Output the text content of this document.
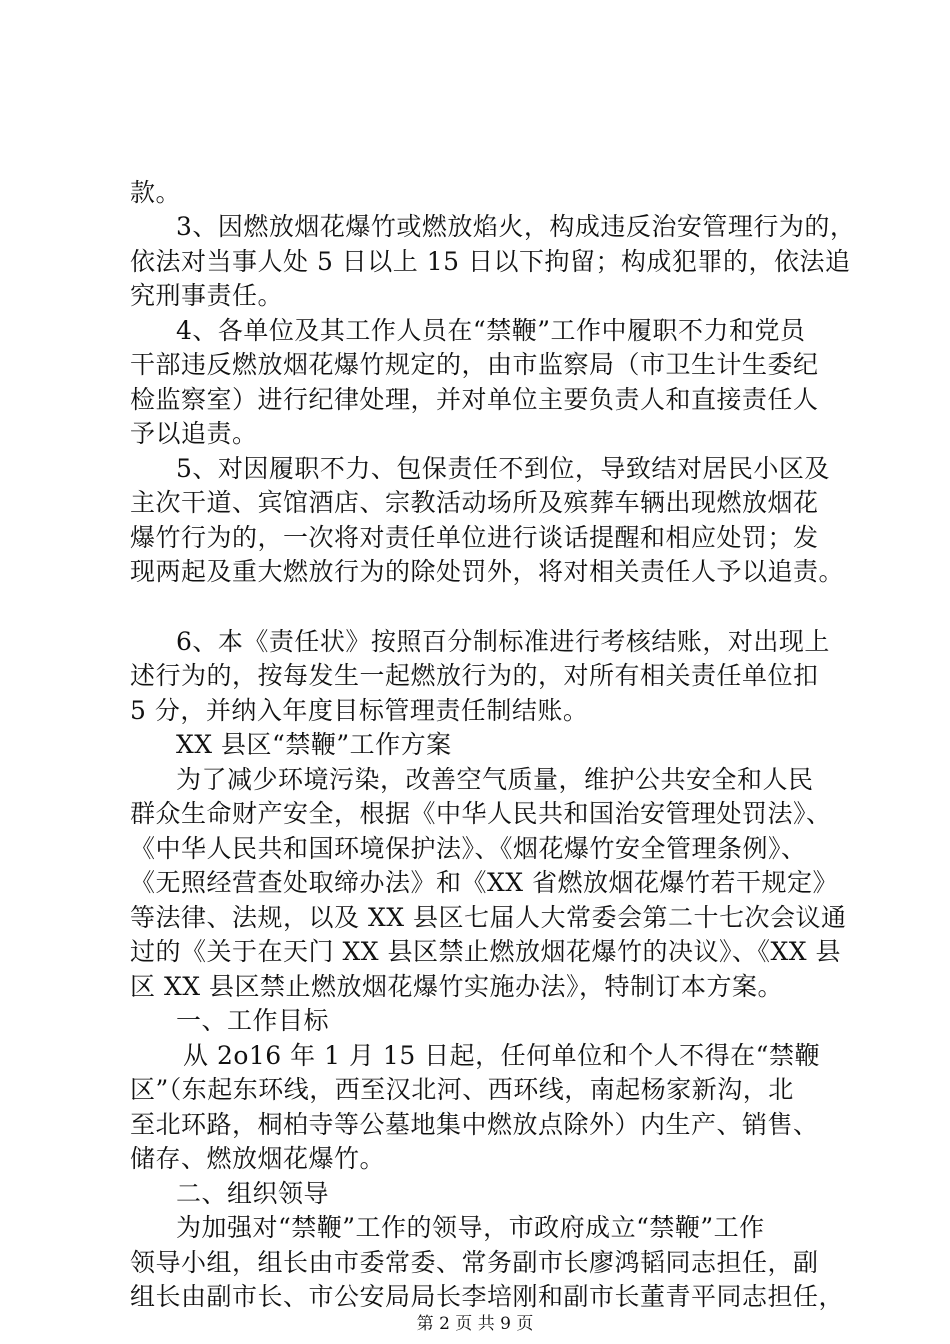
款。
3、因燃放烟花爆竹或燃放焰火，构成违反治安管理行为的，
依法对当事人处 5 日以上 15 日以下拘留；构成犯罪的，依法追
究刑事责任。
4、各单位及其工作人员在“禁鞭”工作中履职不力和党员
干部违反燃放烟花爆竹规定的，由市监察局（市卫生计生委纪
检监察室）进行纪律处理，并对单位主要负责人和直接责任人
予以追责。
5、对因履职不力、包保责任不到位，导致结对居民小区及
主次干道、宾馆酒店、宗教活动场所及殡葬车辆出现燃放烟花
爆竹行为的，一次将对责任单位进行谈话提醒和相应处罚；发
现两起及重大燃放行为的除处罚外，将对相关责任人予以追责。
6、本《责任状》按照百分制标准进行考核结账，对出现上
述行为的，按每发生一起燃放行为的，对所有相关责任单位扣
5 分，并纳入年度目标管理责任制结账。
XX 县区“禁鞭”工作方案
为了减少环境污染，改善空气质量，维护公共安全和人民
群众生命财产安全，根据《中华人民共和国治安管理处罚法》、
《中华人民共和国环境保护法》、《烟花爆竹安全管理条例》、
《无照经营查处取缔办法》和《XX 省燃放烟花爆竹若干规定》
等法律、法规，以及 XX 县区七届人大常委会第二十七次会议通
过的《关于在天门 XX 县区禁止燃放烟花爆竹的决议》、《XX 县
区 XX 县区禁止燃放烟花爆竹实施办法》，特制订本方案。
一、工作目标
从 2o16 年 1 月 15 日起，任何单位和个人不得在“禁鞭
区”（东起东环线，西至汉北河、西环线，南起杨家新沟，北
至北环路，桐柏寺等公墓地集中燃放点除外）内生产、销售、
储存、燃放烟花爆竹。
二、组织领导
为加强对“禁鞭”工作的领导，市政府成立“禁鞭”工作
领导小组，组长由市委常委、常务副市长廖鸿韬同志担任，副
组长由副市长、市公安局局长李培刚和副市长董青平同志担任，
第 2 页 共 9 页
